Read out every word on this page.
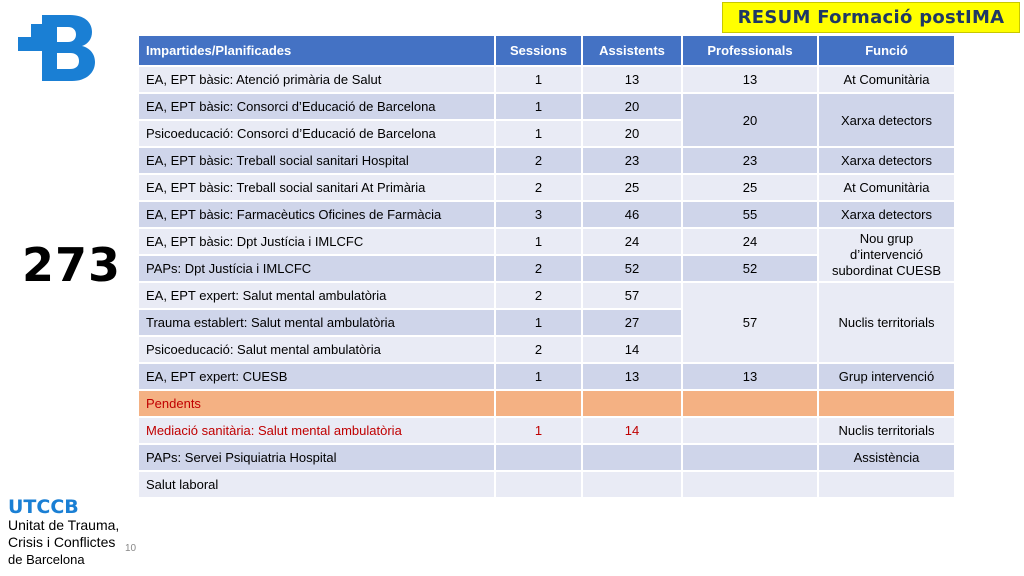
RESUM Formació postIMA
273
10
UTCCB
Unitat de Trauma,
Crisis i Conflictes
de Barcelona
Impartides/Planificades	Sessions	Assistents	Professionals	Funció
EA, EPT bàsic: Atenció primària de Salut	1	13	13	At Comunitària
EA, EPT bàsic: Consorci d’Educació de Barcelona	1	20	20	Xarxa detectors
Psicoeducació: Consorci d’Educació de Barcelona	1	20		
EA, EPT bàsic: Treball social sanitari Hospital	2	23	23	Xarxa detectors
EA, EPT bàsic: Treball social sanitari At Primària	2	25	25	At Comunitària
EA, EPT bàsic: Farmacèutics Oficines de Farmàcia	3	46	55	Xarxa detectors
EA, EPT bàsic: Dpt Justícia i IMLCFC	1	24	24	Nou grup d’intervenció subordinat CUESB
PAPs: Dpt Justícia i IMLCFC	2	52	52	
EA, EPT expert: Salut mental ambulatòria	2	57	57	Nuclis territorials
Trauma establert: Salut mental ambulatòria	1	27		
Psicoeducació: Salut mental ambulatòria	2	14		
EA, EPT expert: CUESB	1	13	13	Grup intervenció
Pendents				
Mediació sanitària: Salut mental ambulatòria	1	14		Nuclis territorials
PAPs: Servei Psiquiatria Hospital				Assistència
Salut laboral				
